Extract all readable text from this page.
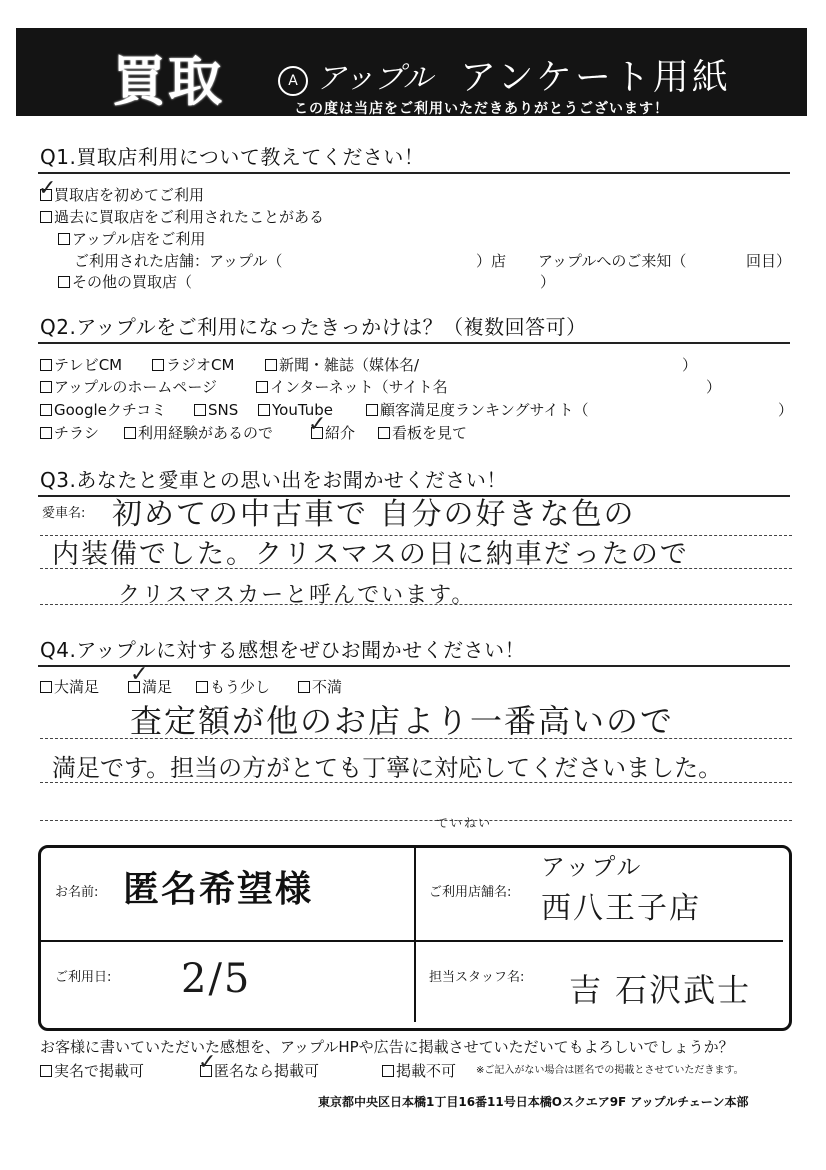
買取	A アップル アンケート用紙
この度は当店をご利用いただきありがとうございます！
Q1.買取店利用について教えてください！
買取店を初めてご利用
✓
過去に買取店をご利用されたことがある
アップル店をご利用
ご利用された店舗：アップル（	）店 アップルへのご来知（	回目）
その他の買取店（	）
Q2.アップルをご利用になったきっかけは？（複数回答可）
テレビCM	ラジオCM	新聞・雑誌（媒体名/	）
アップルのホームページ	インターネット（サイト名	）
Googleクチコミ	SNS	YouTube	顧客満足度ランキングサイト（	）
チラシ	利用経験があるので	紹介
✓	看板を見て
Q3.あなたと愛車との思い出をお聞かせください！
愛車名: 初めての中古車で 自分の好きな色の
内装備でした。クリスマスの日に納車だったので
クリスマスカーと呼んでいます。
Q4.アップルに対する感想をぜひお聞かせください！
大満足	満足
✓	もう少し	不満
査定額が他のお店より一番高いので
満足です。担当の方がとても丁寧に対応してくださいました。
ていねい
お名前: 匿名希望様	ご利用店舗名:
アップル
西八王子店
ご利用日: 2/5	担当スタッフ名: 吉 石沢武士
お客様に書いていただいた感想を、アップルHPや広告に掲載させていただいてもよろしいでしょうか？
実名で掲載可	匿名なら掲載可
✓	掲載不可 ※ご記入がない場合は匿名での掲載とさせていただきます。
東京都中央区日本橋1丁目16番11号日本橋Oスクエア9F アップルチェーン本部
